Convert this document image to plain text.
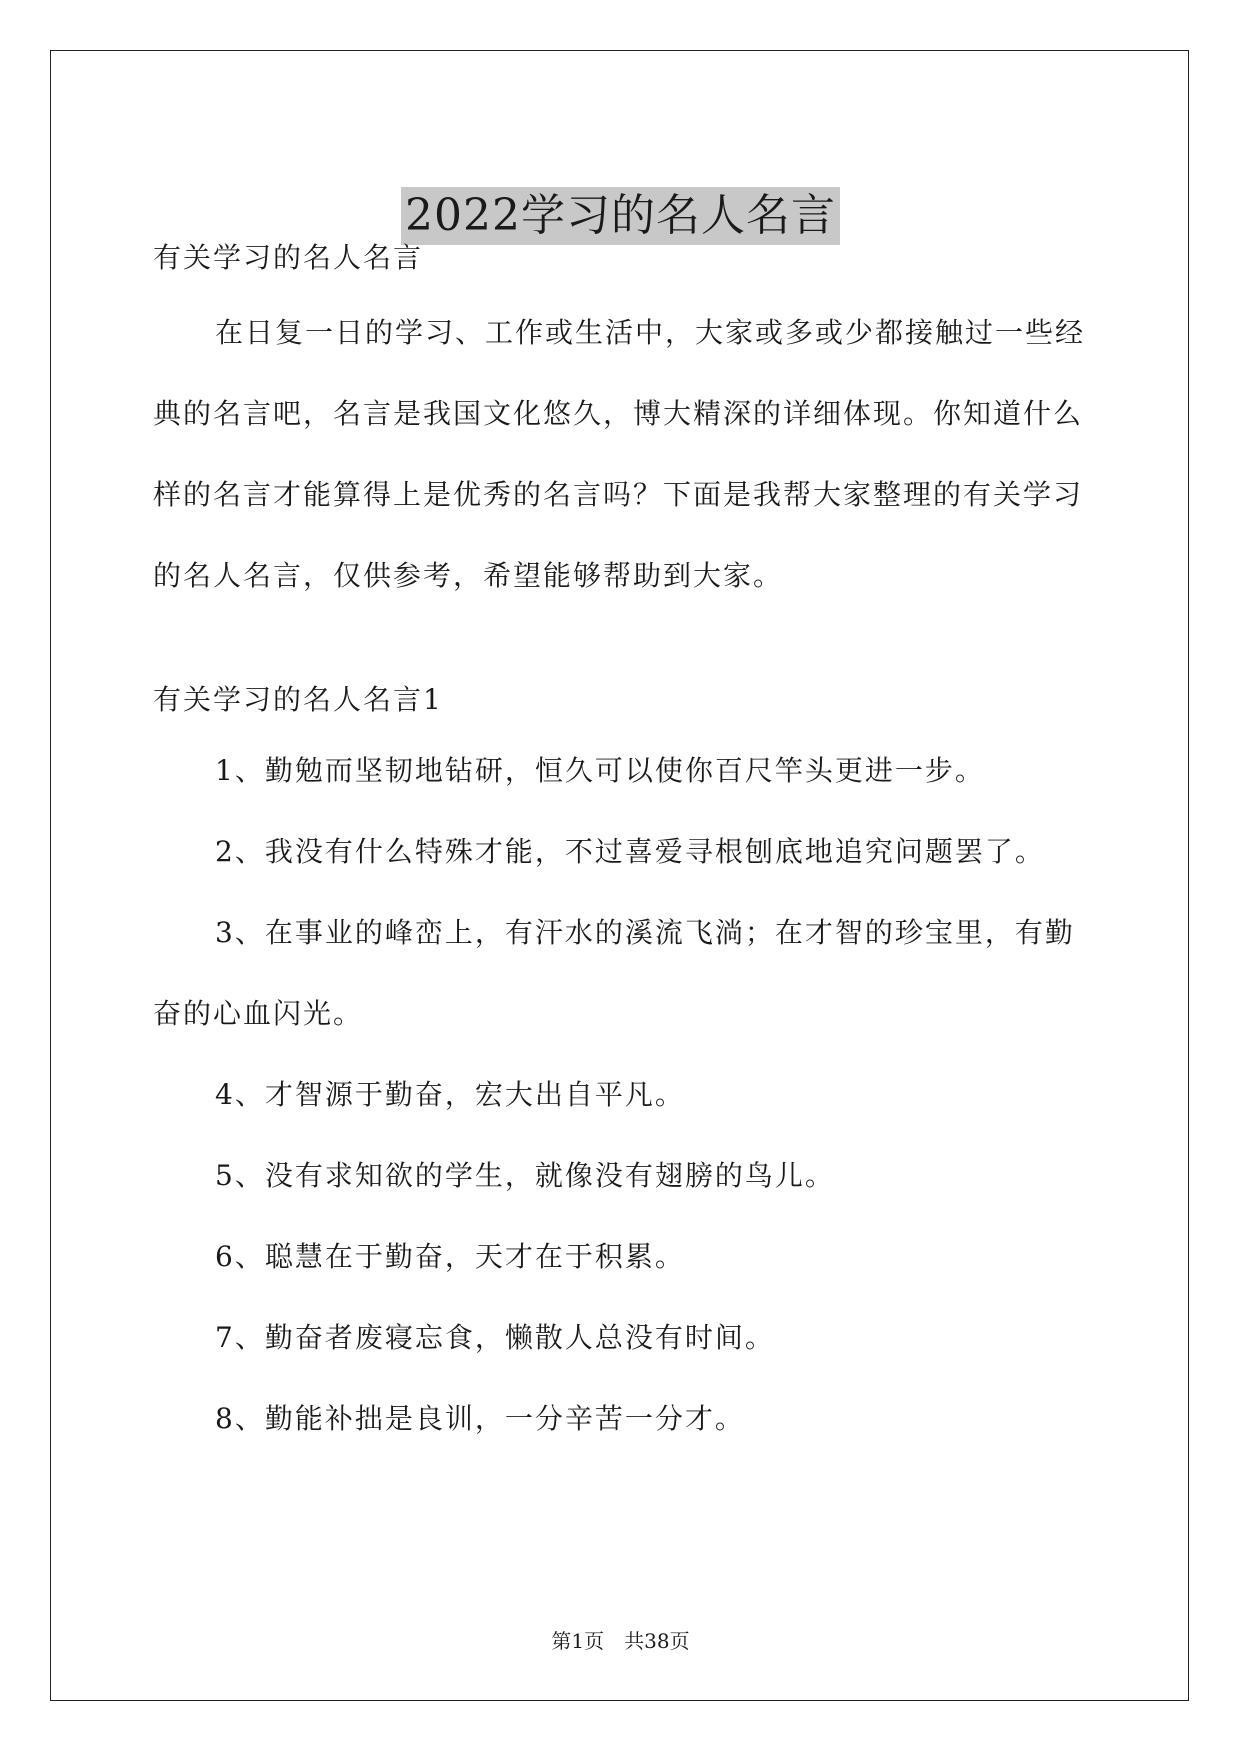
2022学习的名人名言
有关学习的名人名言
在日复一日的学习、工作或生活中，大家或多或少都接触过一些经典的名言吧，名言是我国文化悠久，博大精深的详细体现。你知道什么样的名言才能算得上是优秀的名言吗？下面是我帮大家整理的有关学习的名人名言，仅供参考，希望能够帮助到大家。
有关学习的名人名言1
1、勤勉而坚韧地钻研，恒久可以使你百尺竿头更进一步。
2、我没有什么特殊才能，不过喜爱寻根刨底地追究问题罢了。
3、在事业的峰峦上，有汗水的溪流飞淌；在才智的珍宝里，有勤奋的心血闪光。
4、才智源于勤奋，宏大出自平凡。
5、没有求知欲的学生，就像没有翅膀的鸟儿。
6、聪慧在于勤奋，天才在于积累。
7、勤奋者废寝忘食，懒散人总没有时间。
8、勤能补拙是良训，一分辛苦一分才。
第1页　共38页
